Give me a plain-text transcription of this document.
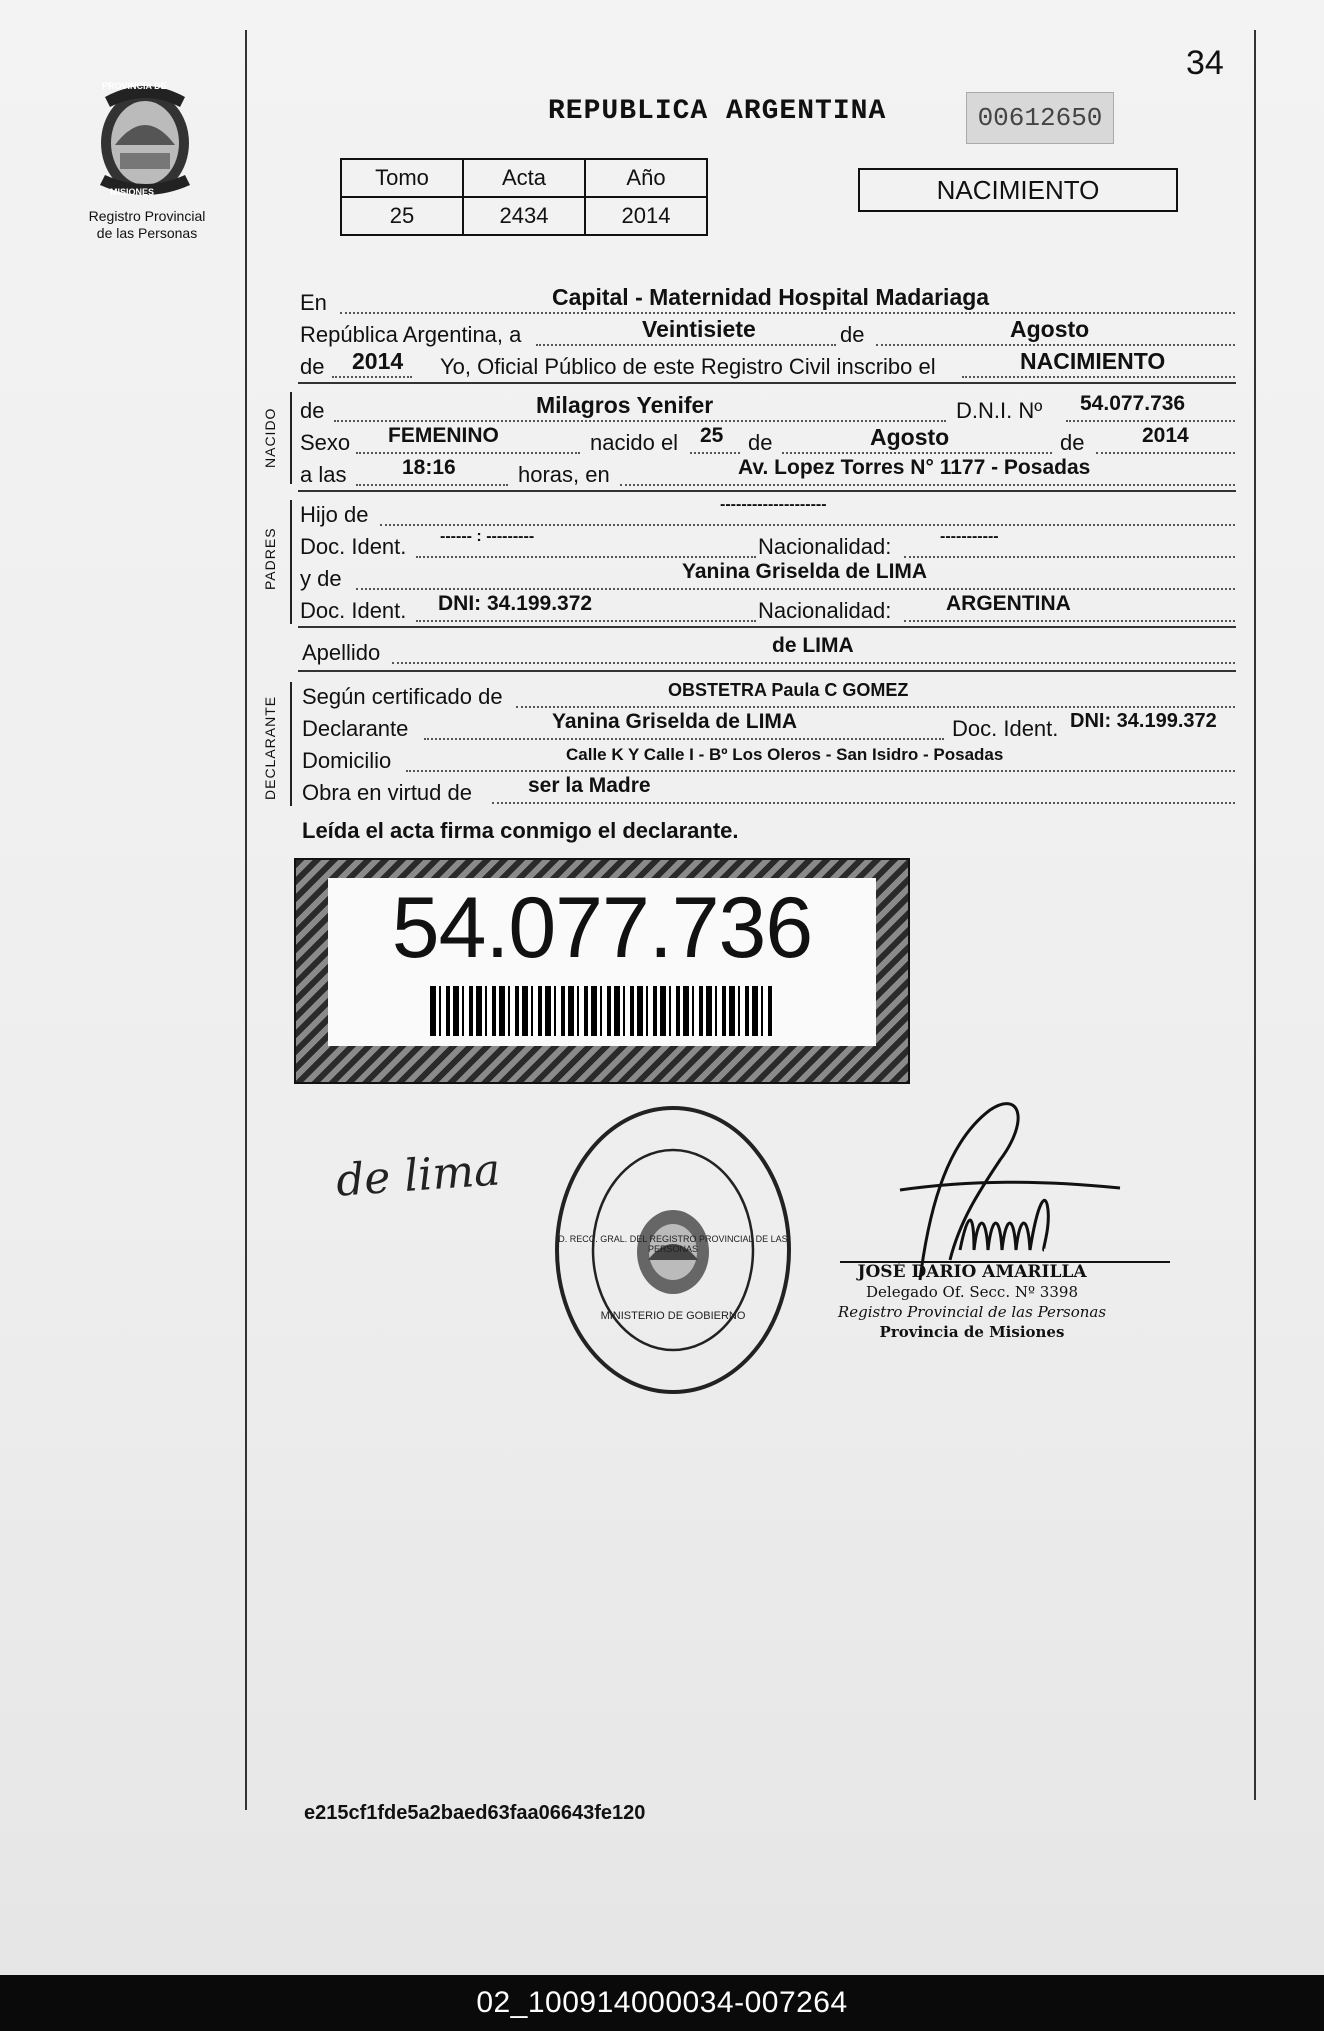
PROVINCIA DE
MISIONES
Registro Provincial
de las Personas
34
REPUBLICA ARGENTINA	00612650
Tomo	Acta	Año
25	2434	2014
NACIMIENTO
En	Capital - Maternidad Hospital Madariaga
República Argentina, a	Veintisiete	de	Agosto
de 2014 Yo, Oficial Público de este Registro Civil inscribo el	NACIMIENTO
NACIDO de	Milagros Yenifer	D.N.I. Nº 54.077.736
Sexo FEMENINO	nacido el 25 de	Agosto	de	2014
a las	18:16	horas, en	Av. Lopez Torres N° 1177 - Posadas
PADRES
Hijo de	--------------------
Doc. Ident. ------ : ---------	Nacionalidad:	-----------
y de	Yanina Griselda de LIMA
Doc. Ident. DNI: 34.199.372	Nacionalidad:	ARGENTINA
Apellido	de LIMA
DECLARANTE Según certificado de	OBSTETRA Paula C GOMEZ
Declarante	Yanina Griselda de LIMA	Doc. Ident. DNI: 34.199.372
Domicilio	Calle K Y Calle I - Bº Los Oleros - San Isidro - Posadas
Obra en virtud de	ser la Madre
Leída el acta firma conmigo el declarante.
54.077.736
de lima
D. RECC. GRAL. DEL REGISTRO PROVINCIAL DE LAS PERSONAS
MINISTERIO DE GOBIERNO
JOSÉ DARIO AMARILLA
Delegado Of. Secc. Nº 3398
Registro Provincial de las Personas
Provincia de Misiones
e215cf1fde5a2baed63faa06643fe120
02_100914000034-007264
